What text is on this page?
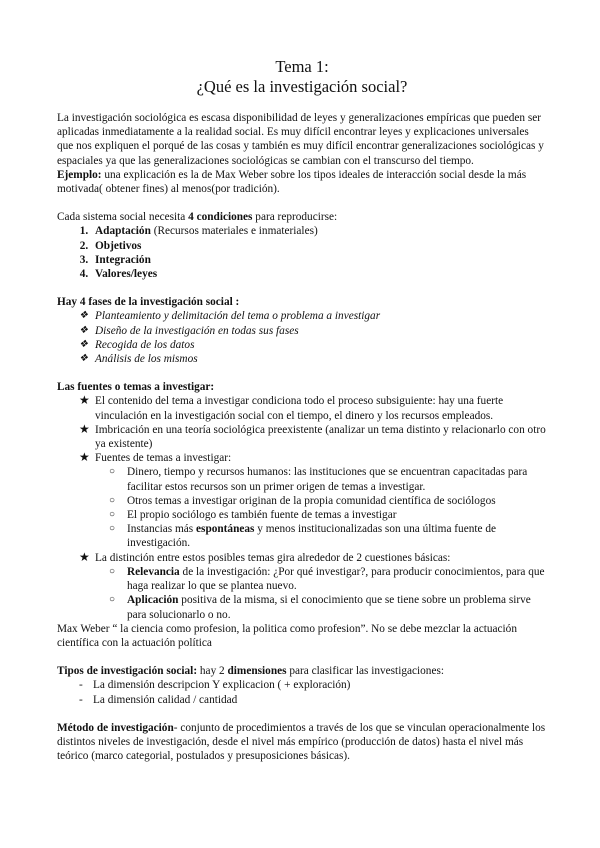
Tema 1:

¿Qué es la investigación social?

La investigación sociológica es escasa disponibilidad de leyes y generalizaciones empíricas que pueden ser aplicadas inmediatamente a la realidad social. Es muy difícil encontrar leyes y explicaciones universales que nos expliquen el porqué de las cosas y también es muy difícil encontrar generalizaciones sociológicas y espaciales ya que las generalizaciones sociológicas se cambian con el transcurso del tiempo.

Ejemplo: una explicación es la de Max Weber sobre los tipos ideales de interacción social desde la más motivada( obtener fines) al menos(por tradición).

Cada sistema social necesita 4 condiciones para reproducirse:

1. Adaptación (Recursos materiales e inmateriales)
2. Objetivos
3. Integración
4. Valores/leyes

Hay 4 fases de la investigación social :

❖ Planteamiento y delimitación del tema o problema a investigar
❖ Diseño de la investigación en todas sus fases
❖ Recogida de los datos
❖ Análisis de los mismos

Las fuentes o temas a investigar:

★ El contenido del tema a investigar condiciona todo el proceso subsiguiente: hay una fuerte vinculación en la investigación social con el tiempo, el dinero y los recursos empleados.
★ Imbricación en una teoría sociológica preexistente (analizar un tema distinto y relacionarlo con otro ya existente)
★ Fuentes de temas a investigar:
○ Dinero, tiempo y recursos humanos: las instituciones que se encuentran capacitadas para facilitar estos recursos son un primer origen de temas a investigar.
○ Otros temas a investigar originan de la propia comunidad científica de sociólogos
○ El propio sociólogo es también fuente de temas a investigar
○ Instancias más espontáneas y menos institucionalizadas son una última fuente de investigación.
★ La distinción entre estos posibles temas gira alrededor de 2 cuestiones básicas:
○ Relevancia de la investigación: ¿Por qué investigar?, para producir conocimientos, para que haga realizar lo que se plantea nuevo.
○ Aplicación positiva de la misma, si el conocimiento que se tiene sobre un problema sirve para solucionarlo o no.

Max Weber “ la ciencia como profesion, la politica como profesion”. No se debe mezclar la actuación científica con la actuación política

Tipos de investigación social: hay 2 dimensiones para clasificar las investigaciones:

- La dimensión descripcion Y explicacion ( + exploración)
- La dimensión calidad / cantidad

Método de investigación- conjunto de procedimientos a través de los que se vinculan operacionalmente los distintos niveles de investigación, desde el nivel más empírico (producción de datos) hasta el nivel más teórico (marco categorial, postulados y presuposiciones básicas).
